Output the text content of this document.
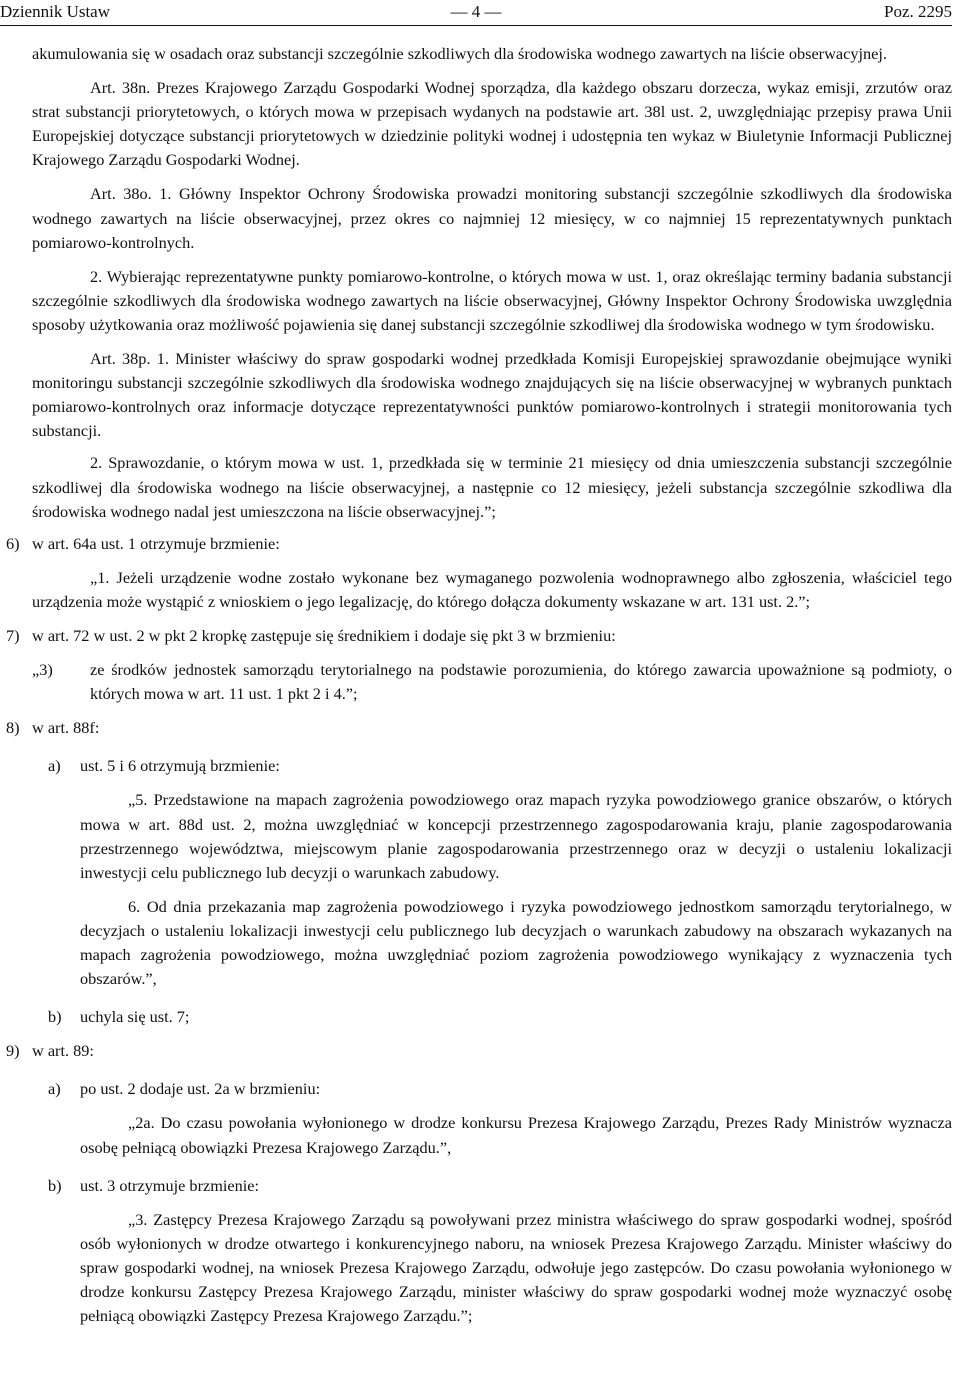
Dziennik Ustaw	— 4 —	Poz. 2295

akumulowania się w osadach oraz substancji szczególnie szkodliwych dla środowiska wodnego zawartych na liście obserwacyjnej.

Art. 38n. Prezes Krajowego Zarządu Gospodarki Wodnej sporządza, dla każdego obszaru dorzecza, wykaz emisji, zrzutów oraz strat substancji priorytetowych, o których mowa w przepisach wydanych na podstawie art. 38l ust. 2, uwzględniając przepisy prawa Unii Europejskiej dotyczące substancji priorytetowych w dziedzinie polityki wodnej i udostępnia ten wykaz w Biuletynie Informacji Publicznej Krajowego Zarządu Gospodarki Wodnej.

Art. 38o. 1. Główny Inspektor Ochrony Środowiska prowadzi monitoring substancji szczególnie szkodliwych dla środowiska wodnego zawartych na liście obserwacyjnej, przez okres co najmniej 12 miesięcy, w co najmniej 15 reprezentatywnych punktach pomiarowo-kontrolnych.

2. Wybierając reprezentatywne punkty pomiarowo-kontrolne, o których mowa w ust. 1, oraz określając terminy badania substancji szczególnie szkodliwych dla środowiska wodnego zawartych na liście obserwacyjnej, Główny Inspektor Ochrony Środowiska uwzględnia sposoby użytkowania oraz możliwość pojawienia się danej substancji szczególnie szkodliwej dla środowiska wodnego w tym środowisku.

Art. 38p. 1. Minister właściwy do spraw gospodarki wodnej przedkłada Komisji Europejskiej sprawozdanie obejmujące wyniki monitoringu substancji szczególnie szkodliwych dla środowiska wodnego znajdujących się na liście obserwacyjnej w wybranych punktach pomiarowo-kontrolnych oraz informacje dotyczące reprezentatywności punktów pomiarowo-kontrolnych i strategii monitorowania tych substancji.

2. Sprawozdanie, o którym mowa w ust. 1, przedkłada się w terminie 21 miesięcy od dnia umieszczenia substancji szczególnie szkodliwej dla środowiska wodnego na liście obserwacyjnej, a następnie co 12 miesięcy, jeżeli substancja szczególnie szkodliwa dla środowiska wodnego nadal jest umieszczona na liście obserwacyjnej.”;

6) w art. 64a ust. 1 otrzymuje brzmienie:

„1. Jeżeli urządzenie wodne zostało wykonane bez wymaganego pozwolenia wodnoprawnego albo zgłoszenia, właściciel tego urządzenia może wystąpić z wnioskiem o jego legalizację, do którego dołącza dokumenty wskazane w art. 131 ust. 2.”;

7) w art. 72 w ust. 2 w pkt 2 kropkę zastępuje się średnikiem i dodaje się pkt 3 w brzmieniu:

„3)	ze środków jednostek samorządu terytorialnego na podstawie porozumienia, do którego zawarcia upoważnione są podmioty, o których mowa w art. 11 ust. 1 pkt 2 i 4.”;

8) w art. 88f:

a)	ust. 5 i 6 otrzymują brzmienie:

„5. Przedstawione na mapach zagrożenia powodziowego oraz mapach ryzyka powodziowego granice obszarów, o których mowa w art. 88d ust. 2, można uwzględniać w koncepcji przestrzennego zagospodarowania kraju, planie zagospodarowania przestrzennego województwa, miejscowym planie zagospodarowania przestrzennego oraz w decyzji o ustaleniu lokalizacji inwestycji celu publicznego lub decyzji o warunkach zabudowy.

6. Od dnia przekazania map zagrożenia powodziowego i ryzyka powodziowego jednostkom samorządu terytorialnego, w decyzjach o ustaleniu lokalizacji inwestycji celu publicznego lub decyzjach o warunkach zabudowy na obszarach wykazanych na mapach zagrożenia powodziowego, można uwzględniać poziom zagrożenia powodziowego wynikający z wyznaczenia tych obszarów.”,

b)	uchyla się ust. 7;

9) w art. 89:

a)	po ust. 2 dodaje ust. 2a w brzmieniu:

„2a. Do czasu powołania wyłonionego w drodze konkursu Prezesa Krajowego Zarządu, Prezes Rady Ministrów wyznacza osobę pełniącą obowiązki Prezesa Krajowego Zarządu.”,

b)	ust. 3 otrzymuje brzmienie:

„3. Zastępcy Prezesa Krajowego Zarządu są powoływani przez ministra właściwego do spraw gospodarki wodnej, spośród osób wyłonionych w drodze otwartego i konkurencyjnego naboru, na wniosek Prezesa Krajowego Zarządu. Minister właściwy do spraw gospodarki wodnej, na wniosek Prezesa Krajowego Zarządu, odwołuje jego zastępców. Do czasu powołania wyłonionego w drodze konkursu Zastępcy Prezesa Krajowego Zarządu, minister właściwy do spraw gospodarki wodnej może wyznaczyć osobę pełniącą obowiązki Zastępcy Prezesa Krajowego Zarządu.”;
